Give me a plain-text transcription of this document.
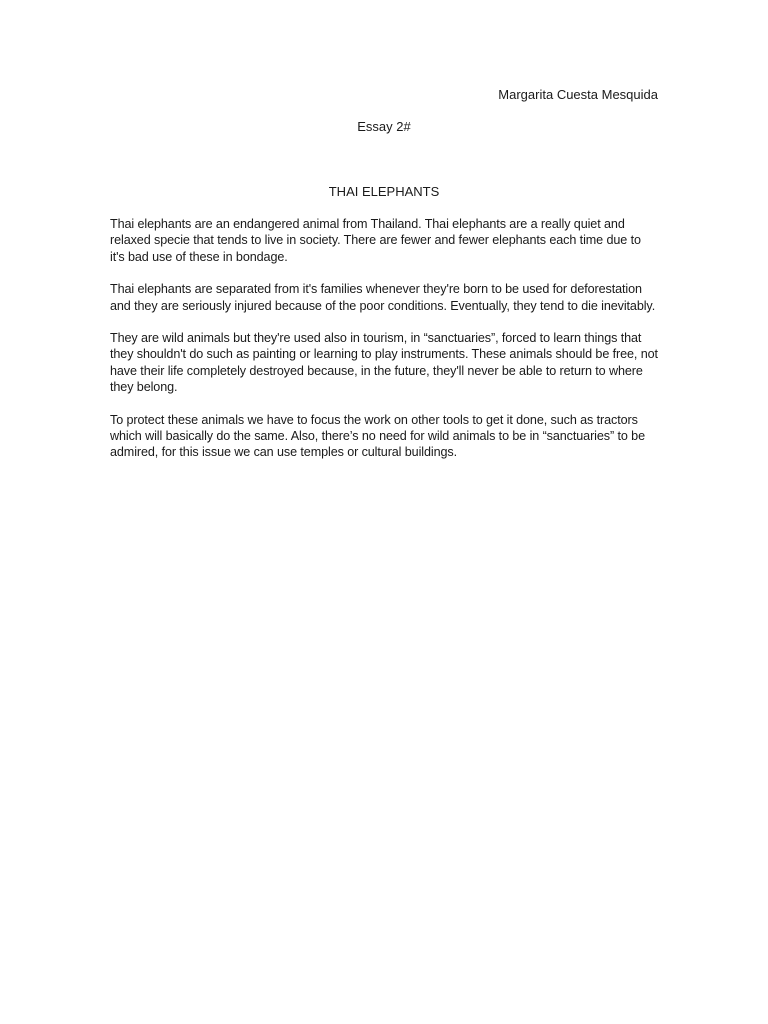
Margarita Cuesta Mesquida
Essay 2#
THAI ELEPHANTS

Thai elephants are an endangered animal from Thailand. Thai elephants are a really quiet and relaxed specie that tends to live in society. There are fewer and fewer elephants each time due to it's bad use of these in bondage.

Thai elephants are separated from it's families whenever they're born to be used for deforestation and they are seriously injured because of the poor conditions. Eventually, they tend to die inevitably.

They are wild animals but they're used also in tourism, in “sanctuaries”, forced to learn things that they shouldn't do such as painting or learning to play instruments. These animals should be free, not have their life completely destroyed because, in the future, they'll never be able to return to where they belong.

To protect these animals we have to focus the work on other tools to get it done, such as tractors which will basically do the same. Also, there’s no need for wild animals to be in “sanctuaries” to be admired, for this issue we can use temples or cultural buildings.
